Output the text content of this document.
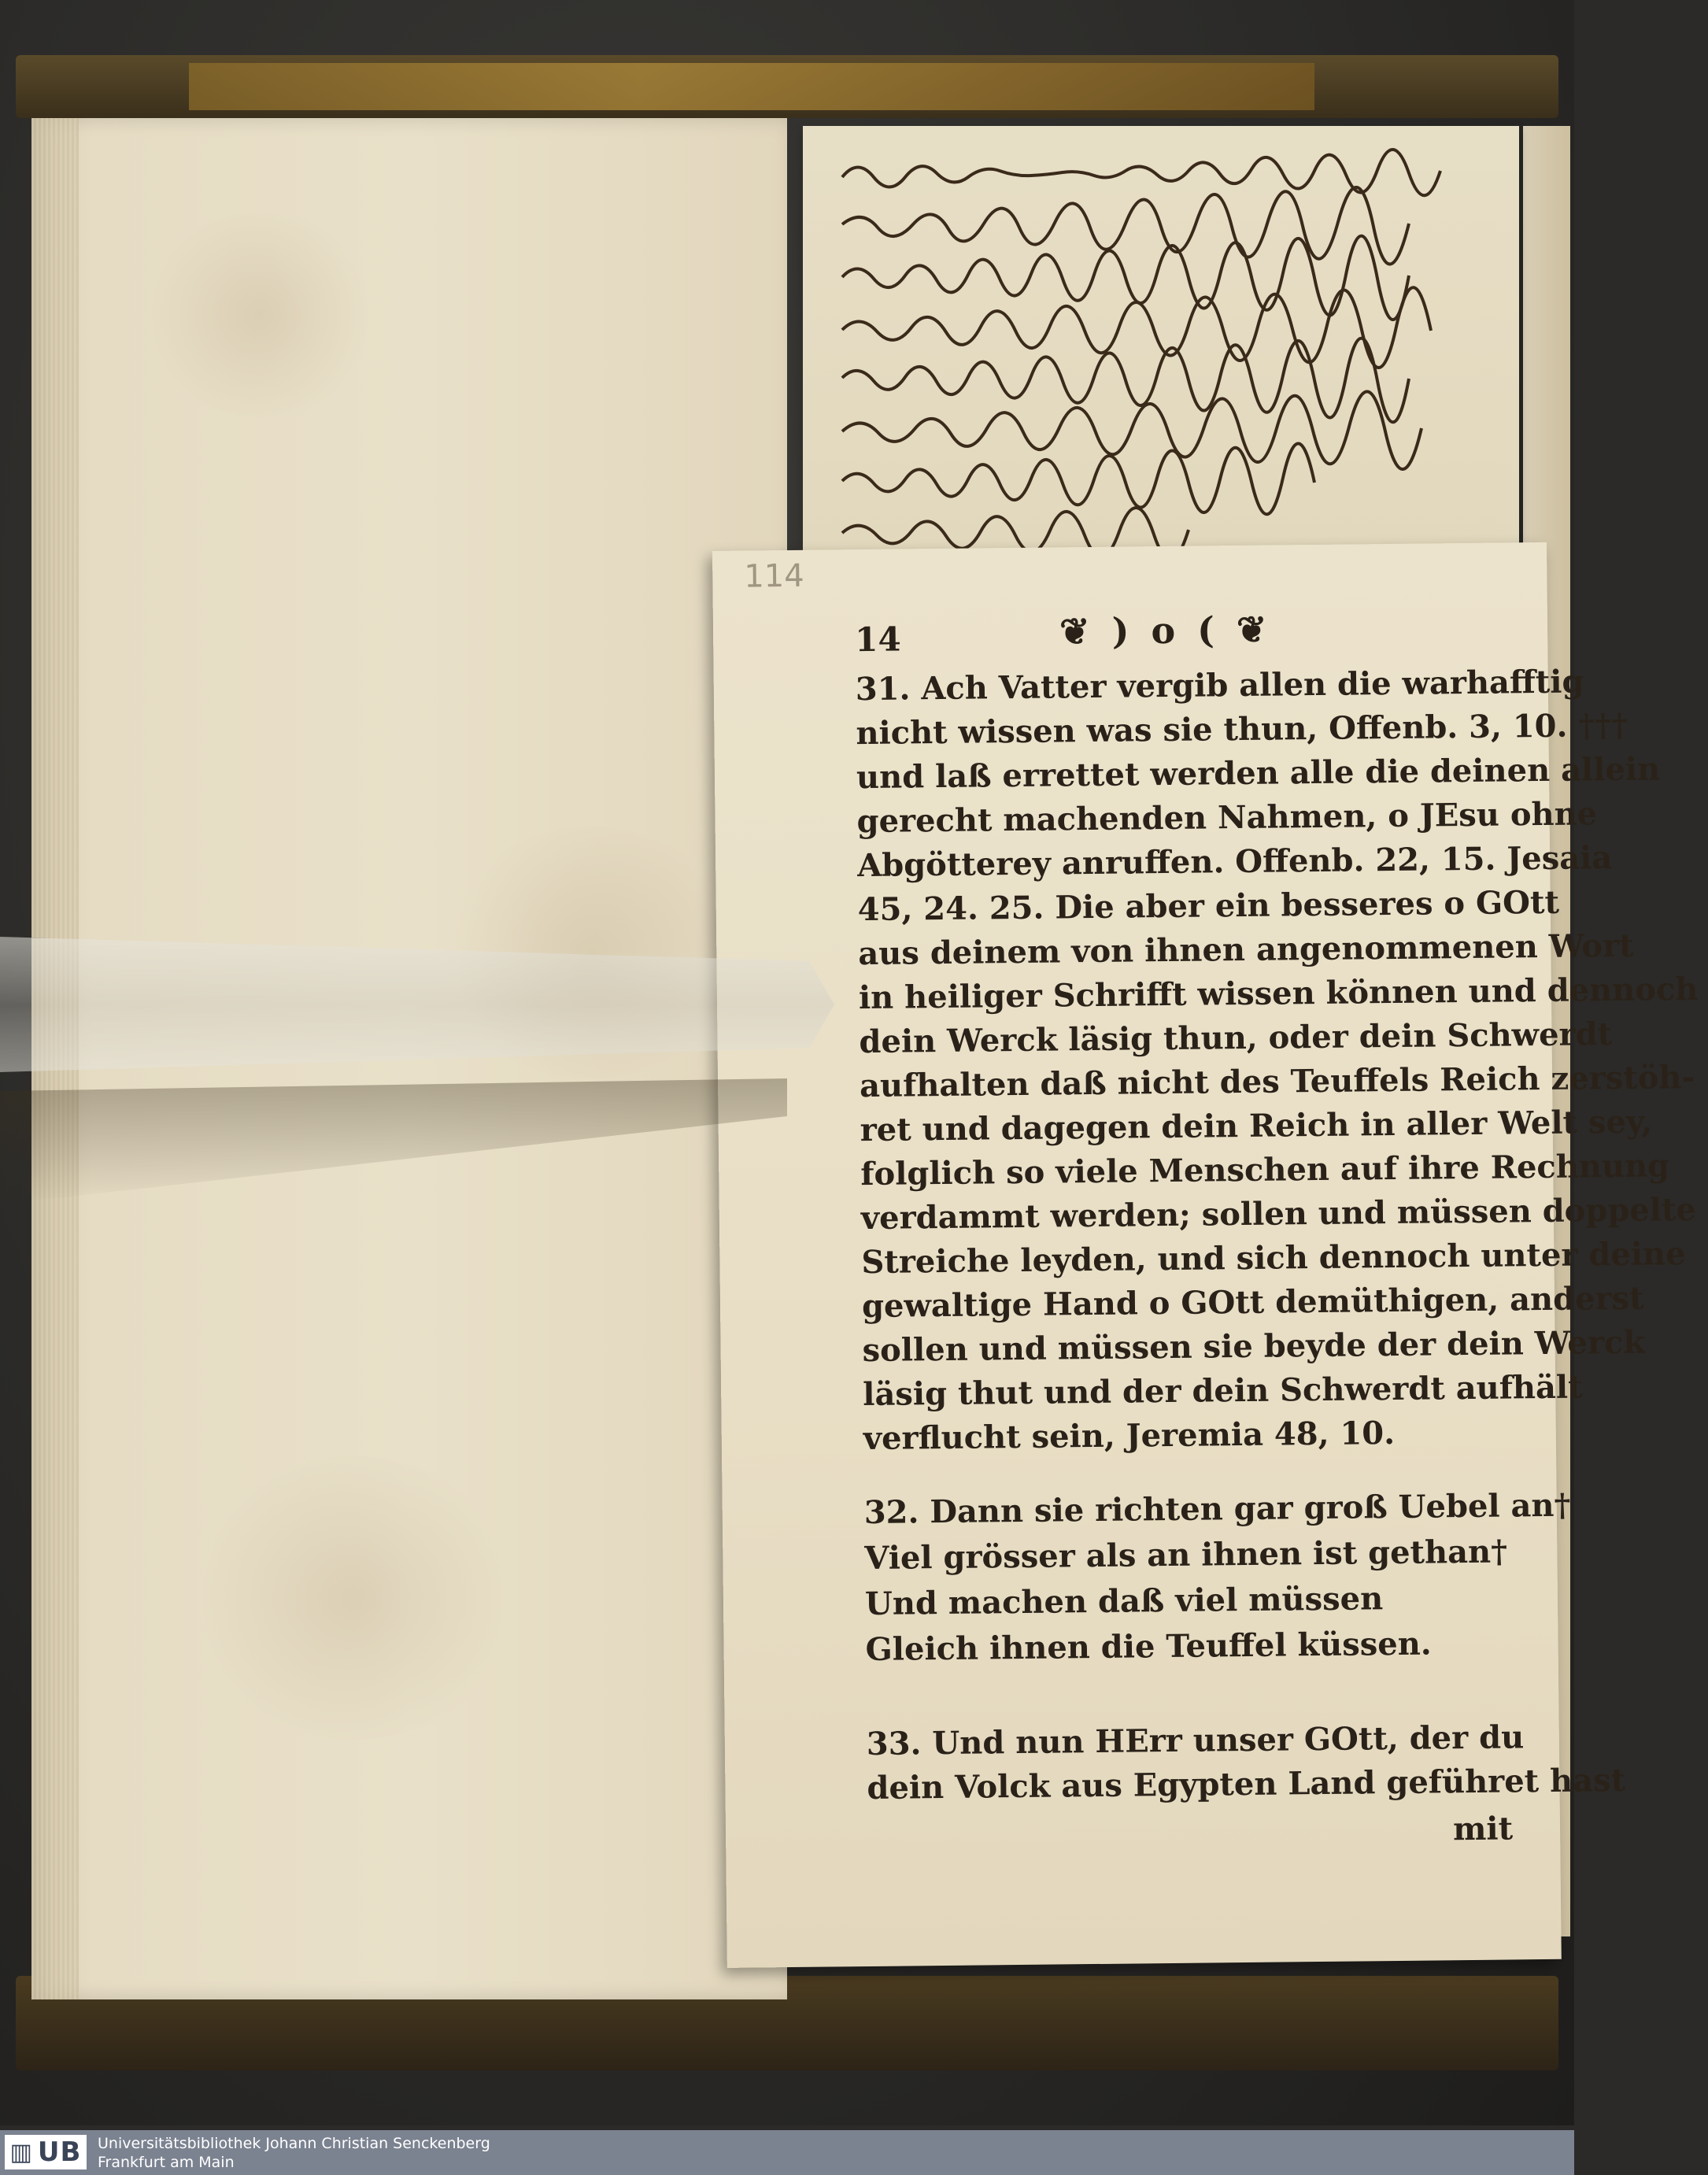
114
14	❦ ) o ( ❦
31. Ach Vatter vergib allen die warhafftig
nicht wissen was sie thun, Offenb. 3, 10. †††
und laß errettet werden alle die deinen allein
gerecht machenden Nahmen, o JEsu ohne
Abgötterey anruffen. Offenb. 22, 15. Jesaia
45, 24. 25. Die aber ein besseres o GOtt
aus deinem von ihnen angenommenen Wort
in heiliger Schrifft wissen können und dennoch
dein Werck läsig thun, oder dein Schwerdt
aufhalten daß nicht des Teuffels Reich zerstöh-
ret und dagegen dein Reich in aller Welt sey,
folglich so viele Menschen auf ihre Rechnung
verdammt werden; sollen und müssen doppelte
Streiche leyden, und sich dennoch unter deine
gewaltige Hand o GOtt demüthigen, anderst
sollen und müssen sie beyde der dein Werck
läsig thut und der dein Schwerdt aufhält
verflucht sein, Jeremia 48, 10.
32. Dann sie richten gar groß Uebel an†
Viel grösser als an ihnen ist gethan†
Und machen daß viel müssen
Gleich ihnen die Teuffel küssen.
33. Und nun HErr unser GOtt, der du
dein Volck aus Egypten Land geführet hast
mit
▥ UB Universitätsbibliothek Johann Christian Senckenberg
Frankfurt am Main
